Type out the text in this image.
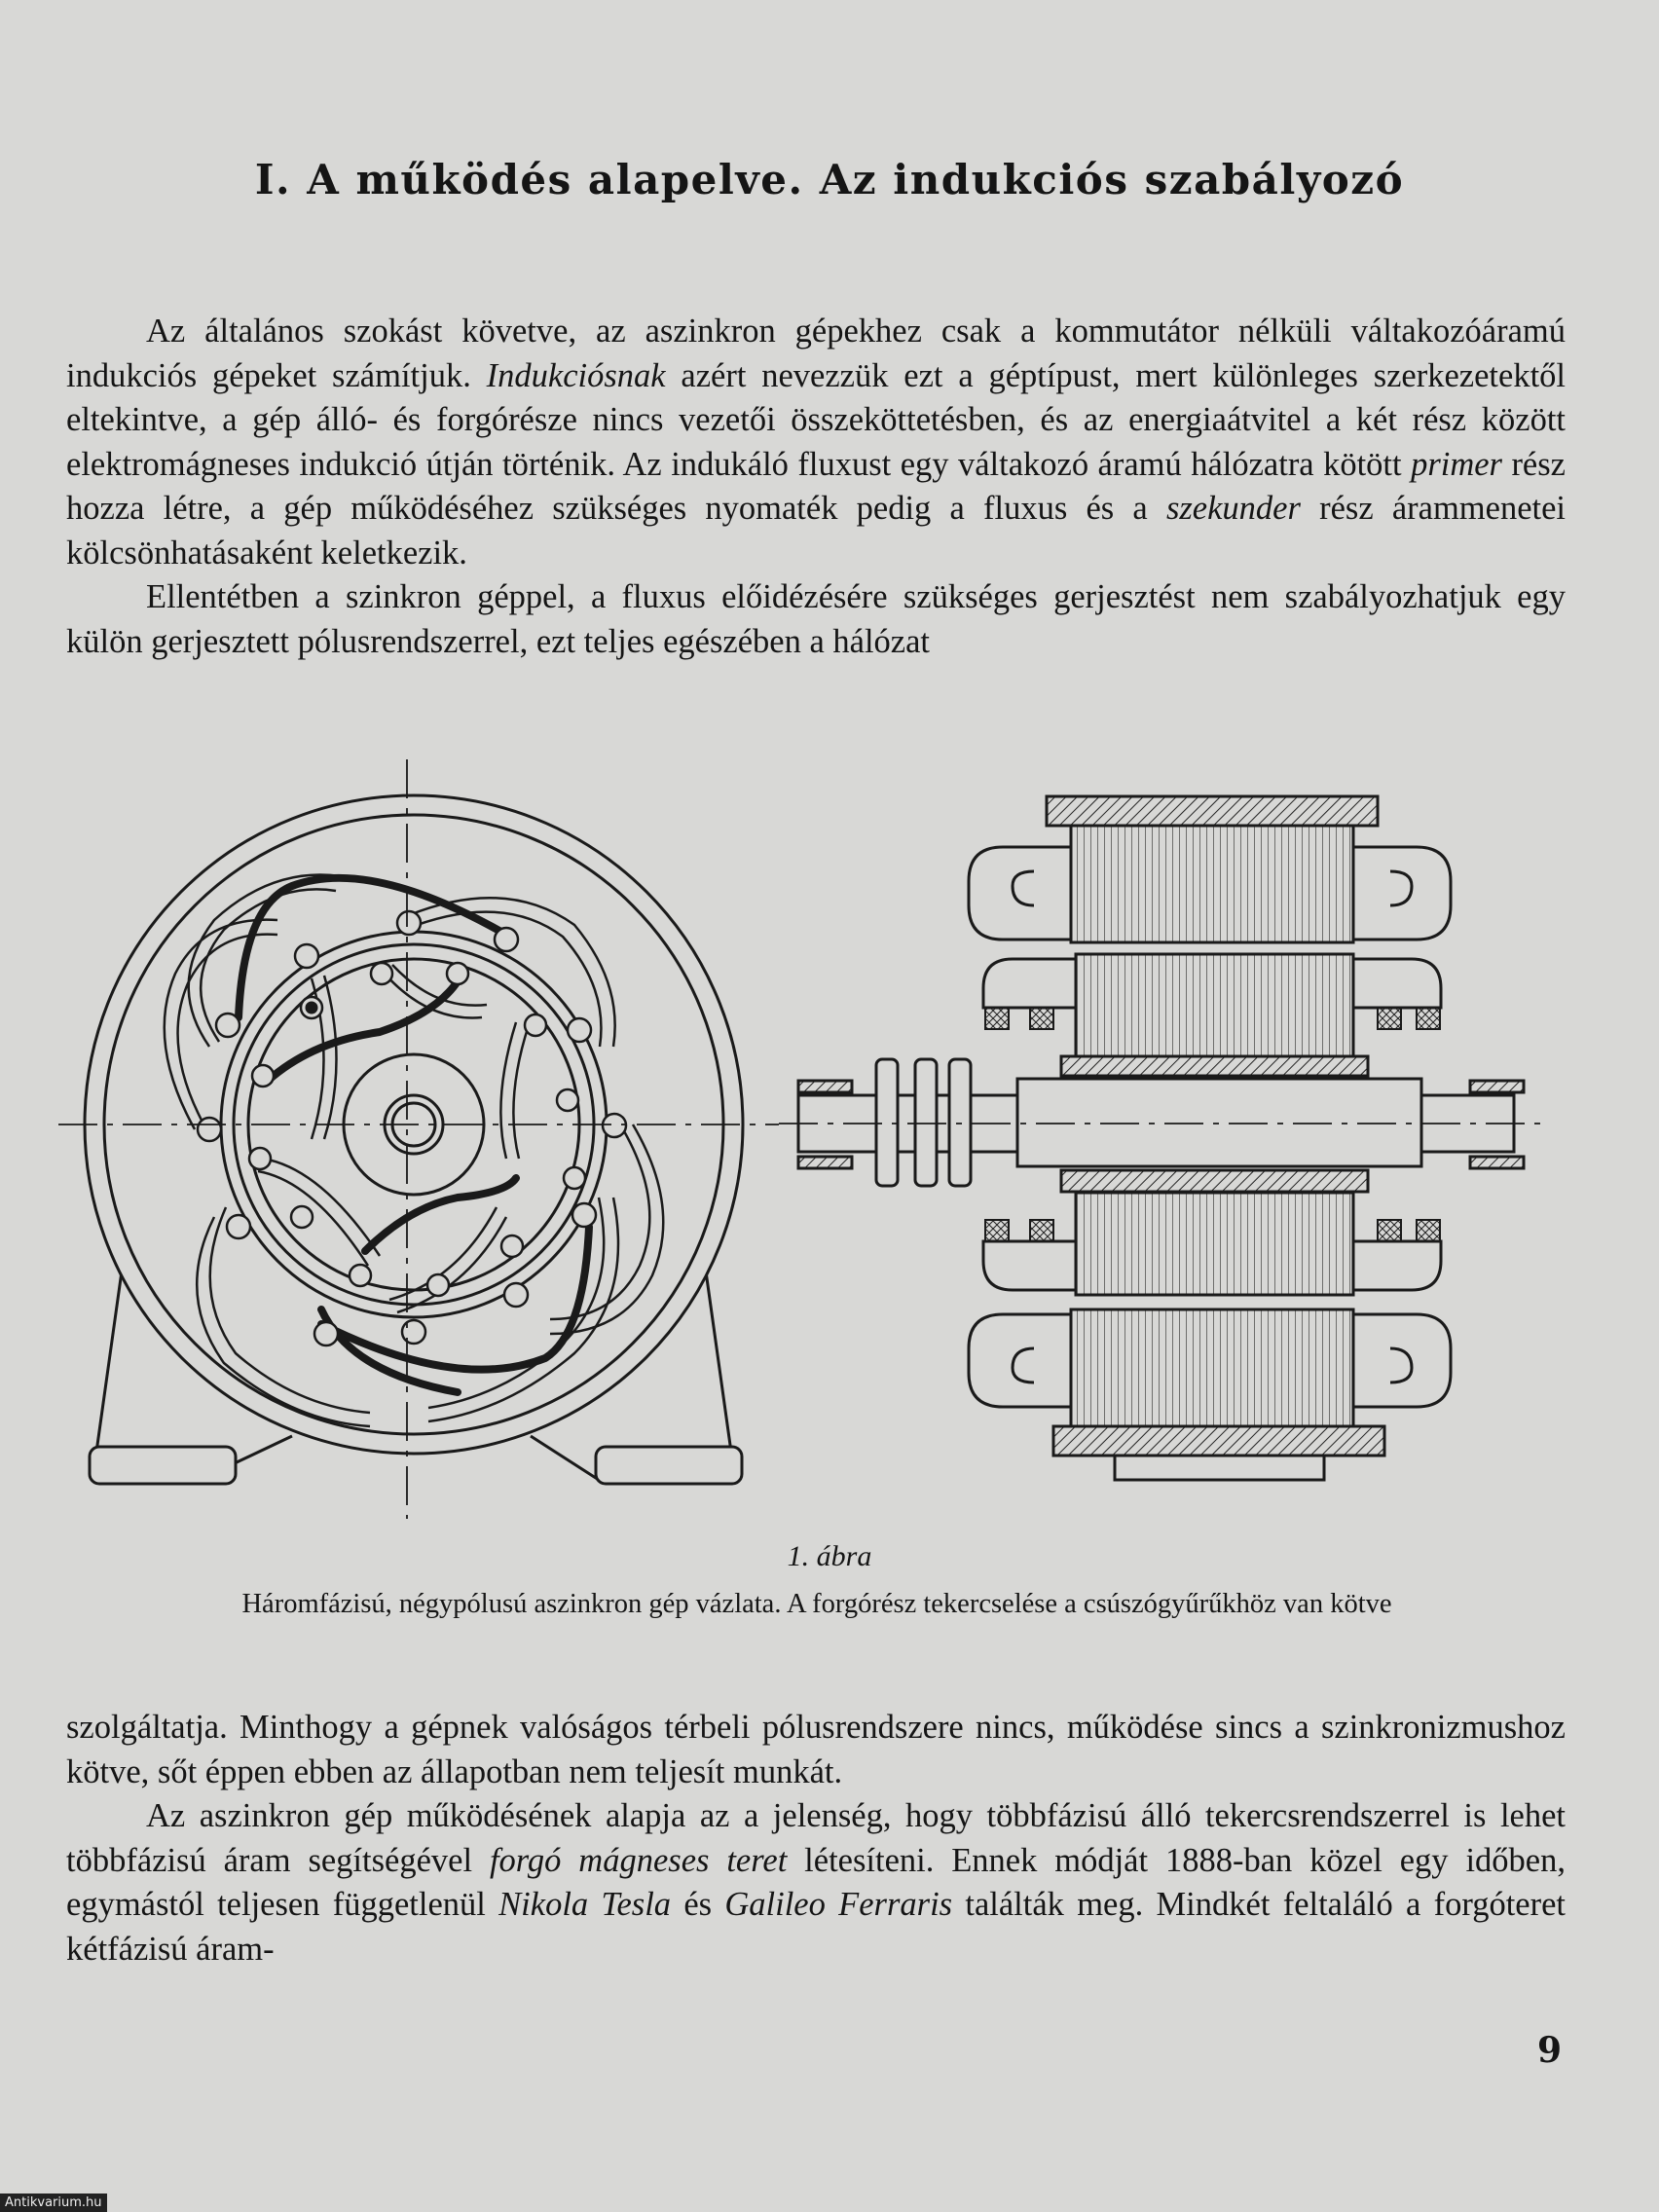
I. A működés alapelve. Az indukciós szabályozó

Az általános szokást követve, az aszinkron gépekhez csak a kommutátor nélküli váltakozóáramú indukciós gépeket számítjuk. Indukciósnak azért nevezzük ezt a géptípust, mert különleges szerkezetektől eltekintve, a gép álló- és forgórésze nincs vezetői összeköttetésben, és az energiaátvitel a két rész között elektromágneses indukció útján történik. Az indukáló fluxust egy váltakozó áramú hálózatra kötött primer rész hozza létre, a gép működéséhez szükséges nyomaték pedig a fluxus és a szekunder rész árammenetei kölcsönhatásaként keletkezik.

Ellentétben a szinkron géppel, a fluxus előidézésére szükséges gerjesztést nem szabályozhatjuk egy külön gerjesztett pólusrendszerrel, ezt teljes egészében a hálózat

1. ábra
Háromfázisú, négypólusú aszinkron gép vázlata. A forgórész tekercselése a csúszógyűrűkhöz van kötve

szolgáltatja. Minthogy a gépnek valóságos térbeli pólusrendszere nincs, működése sincs a szinkronizmushoz kötve, sőt éppen ebben az állapotban nem teljesít munkát.

Az aszinkron gép működésének alapja az a jelenség, hogy többfázisú álló tekercsrendszerrel is lehet többfázisú áram segítségével forgó mágneses teret létesíteni. Ennek módját 1888-ban közel egy időben, egymástól teljesen függetlenül Nikola Tesla és Galileo Ferraris találták meg. Mindkét feltaláló a forgóteret kétfázisú áram-

9
Antikvarium.hu
